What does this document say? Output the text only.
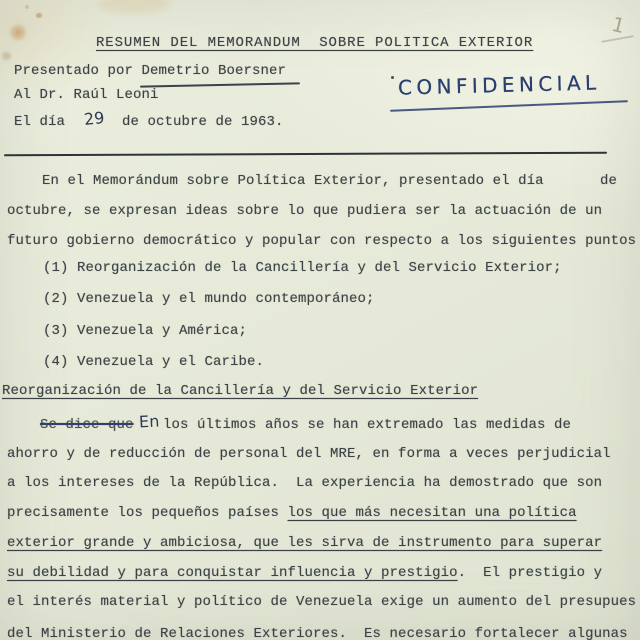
1
RESUMEN DEL MEMORANDUM  SOBRE POLITICA EXTERIOR
Presentado por Demetrio Boersner
Al Dr. Raúl Leoni
El día 29 de octubre de 1963.
CONFIDENCIAL
En el Memorándum sobre Política Exterior, presentado el día	de
octubre, se expresan ideas sobre lo que pudiera ser la actuación de un
futuro gobierno democrático y popular con respecto a los siguientes puntos
(1) Reorganización de la Cancillería y del Servicio Exterior;
(2) Venezuela y el mundo contemporáneo;
(3) Venezuela y América;
(4) Venezuela y el Caribe.
Reorganización de la Cancillería y del Servicio Exterior
Se dice que En los últimos años se han extremado las medidas de
ahorro y de reducción de personal del MRE, en forma a veces perjudicial
a los intereses de la República.  La experiencia ha demostrado que son
precisamente los pequeños países los que más necesitan una política
exterior grande y ambiciosa, que les sirva de instrumento para superar
su debilidad y para conquistar influencia y prestigio.  El prestigio y
el interés material y político de Venezuela exige un aumento del presupues
del Ministerio de Relaciones Exteriores.  Es necesario fortalecer algunas
